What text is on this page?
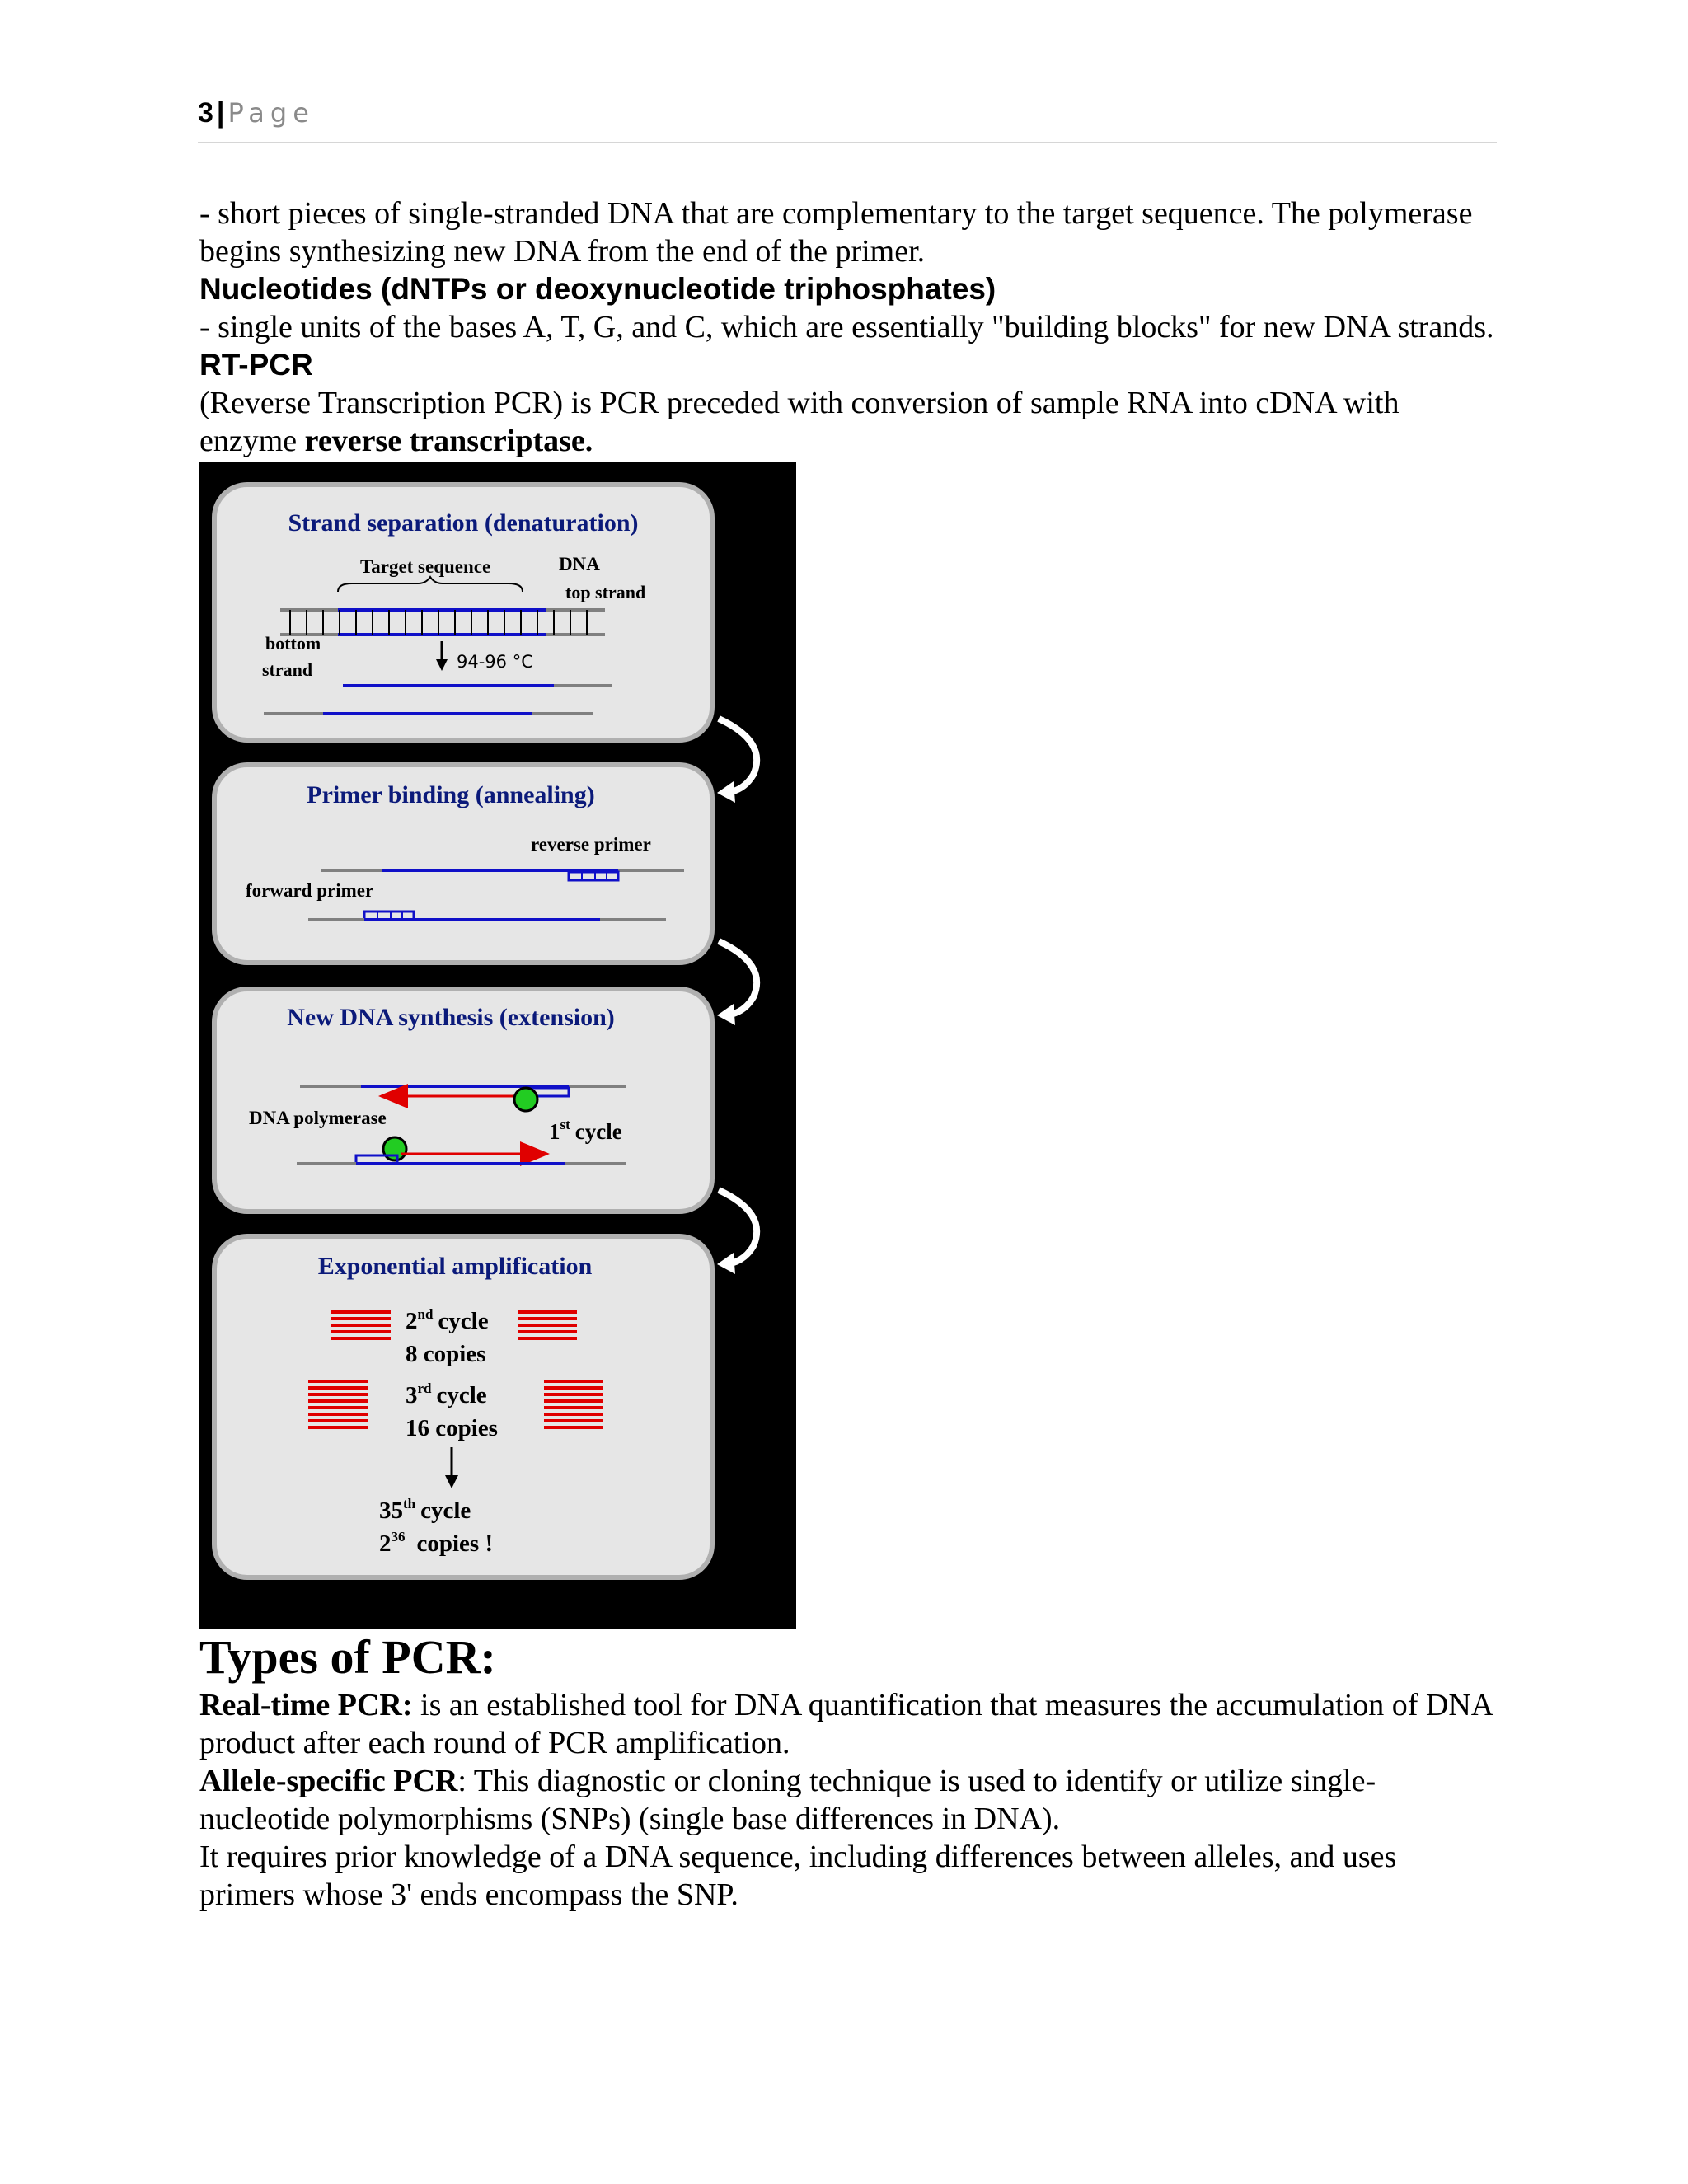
3 | Page

- short pieces of single-stranded DNA that are complementary to the target sequence. The polymerase begins synthesizing new DNA from the end of the primer.

Nucleotides (dNTPs or deoxynucleotide triphosphates)

- single units of the bases A, T, G, and C, which are essentially "building blocks" for new DNA strands.

RT-PCR

(Reverse Transcription PCR) is PCR preceded with conversion of sample RNA into cDNA with enzyme reverse transcriptase.

Strand separation (denaturation)
Target sequence	DNA
top strand
bottom
strand	94-96 °C
Primer binding (annealing)
reverse primer
forward primer
New DNA synthesis (extension)
DNA polymerase
1st cycle
Exponential amplification
2nd cycle
8 copies
3rd cycle
16 copies
35th cycle
$2^{36}$ copies !

Types of PCR:

Real-time PCR: is an established tool for DNA quantification that measures the accumulation of DNA product after each round of PCR amplification.

Allele-specific PCR: This diagnostic or cloning technique is used to identify or utilize single-nucleotide polymorphisms (SNPs) (single base differences in DNA).

It requires prior knowledge of a DNA sequence, including differences between alleles, and uses primers whose 3' ends encompass the SNP.
